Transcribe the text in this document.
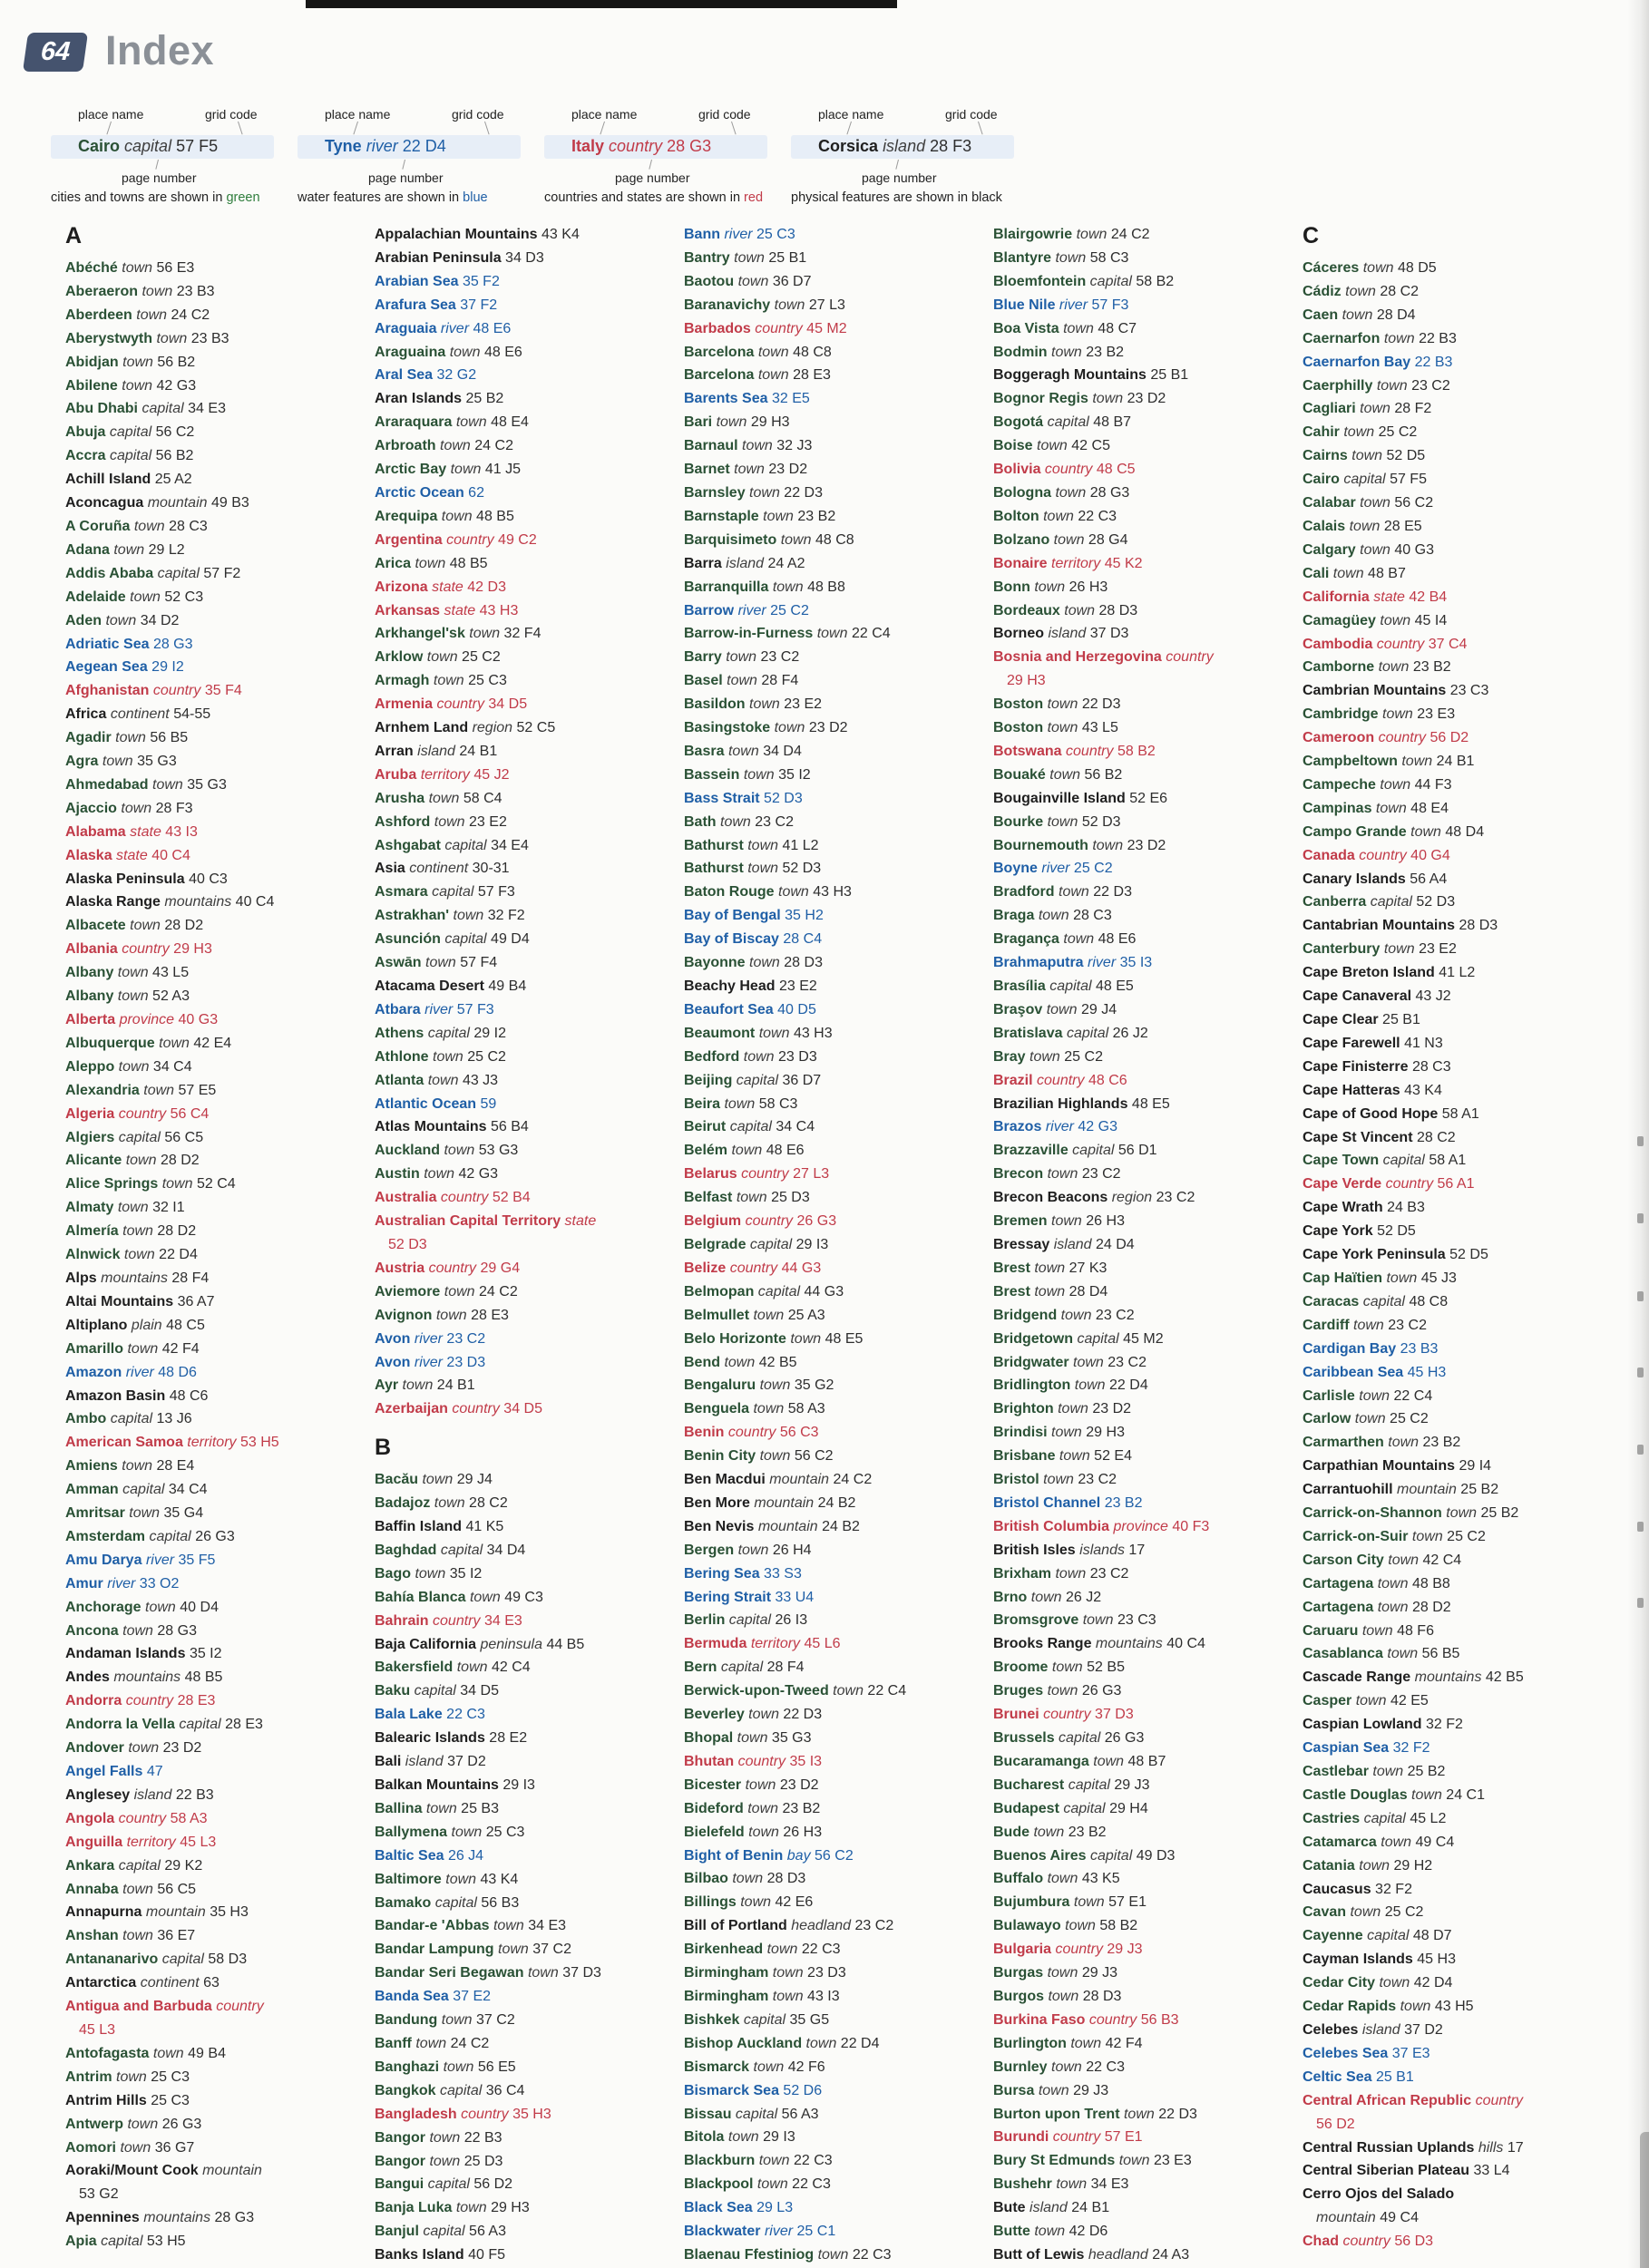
64 Index
place name	grid code
Cairo capital 57 F5
page number
cities and towns are shown in green
place name	grid code
Tyne river 22 D4
page number
water features are shown in blue
place name	grid code
Italy country 28 G3
page number
countries and states are shown in red
place name	grid code
Corsica island 28 F3
page number
physical features are shown in black
A
Abéché town 56 E3
Aberaeron town 23 B3
Aberdeen town 24 C2
Aberystwyth town 23 B3
Abidjan town 56 B2
Abilene town 42 G3
Abu Dhabi capital 34 E3
Abuja capital 56 C2
Accra capital 56 B2
Achill Island 25 A2
Aconcagua mountain 49 B3
A Coruña town 28 C3
Adana town 29 L2
Addis Ababa capital 57 F2
Adelaide town 52 C3
Aden town 34 D2
Adriatic Sea 28 G3
Aegean Sea 29 I2
Afghanistan country 35 F4
Africa continent 54-55
Agadir town 56 B5
Agra town 35 G3
Ahmedabad town 35 G3
Ajaccio town 28 F3
Alabama state 43 I3
Alaska state 40 C4
Alaska Peninsula 40 C3
Alaska Range mountains 40 C4
Albacete town 28 D2
Albania country 29 H3
Albany town 43 L5
Albany town 52 A3
Alberta province 40 G3
Albuquerque town 42 E4
Aleppo town 34 C4
Alexandria town 57 E5
Algeria country 56 C4
Algiers capital 56 C5
Alicante town 28 D2
Alice Springs town 52 C4
Almaty town 32 I1
Almería town 28 D2
Alnwick town 22 D4
Alps mountains 28 F4
Altai Mountains 36 A7
Altiplano plain 48 C5
Amarillo town 42 F4
Amazon river 48 D6
Amazon Basin 48 C6
Ambo capital 13 J6
American Samoa territory 53 H5
Amiens town 28 E4
Amman capital 34 C4
Amritsar town 35 G4
Amsterdam capital 26 G3
Amu Darya river 35 F5
Amur river 33 O2
Anchorage town 40 D4
Ancona town 28 G3
Andaman Islands 35 I2
Andes mountains 48 B5
Andorra country 28 E3
Andorra la Vella capital 28 E3
Andover town 23 D2
Angel Falls 47
Anglesey island 22 B3
Angola country 58 A3
Anguilla territory 45 L3
Ankara capital 29 K2
Annaba town 56 C5
Annapurna mountain 35 H3
Anshan town 36 E7
Antananarivo capital 58 D3
Antarctica continent 63
Antigua and Barbuda country
45 L3
Antofagasta town 49 B4
Antrim town 25 C3
Antrim Hills 25 C3
Antwerp town 26 G3
Aomori town 36 G7
Aoraki/Mount Cook mountain
53 G2
Apennines mountains 28 G3
Apia capital 53 H5
Appalachian Mountains 43 K4
Arabian Peninsula 34 D3
Arabian Sea 35 F2
Arafura Sea 37 F2
Araguaia river 48 E6
Araguaina town 48 E6
Aral Sea 32 G2
Aran Islands 25 B2
Araraquara town 48 E4
Arbroath town 24 C2
Arctic Bay town 41 J5
Arctic Ocean 62
Arequipa town 48 B5
Argentina country 49 C2
Arica town 48 B5
Arizona state 42 D3
Arkansas state 43 H3
Arkhangel'sk town 32 F4
Arklow town 25 C2
Armagh town 25 C3
Armenia country 34 D5
Arnhem Land region 52 C5
Arran island 24 B1
Aruba territory 45 J2
Arusha town 58 C4
Ashford town 23 E2
Ashgabat capital 34 E4
Asia continent 30-31
Asmara capital 57 F3
Astrakhan' town 32 F2
Asunción capital 49 D4
Aswān town 57 F4
Atacama Desert 49 B4
Atbara river 57 F3
Athens capital 29 I2
Athlone town 25 C2
Atlanta town 43 J3
Atlantic Ocean 59
Atlas Mountains 56 B4
Auckland town 53 G3
Austin town 42 G3
Australia country 52 B4
Australian Capital Territory state
52 D3
Austria country 29 G4
Aviemore town 24 C2
Avignon town 28 E3
Avon river 23 C2
Avon river 23 D3
Ayr town 24 B1
Azerbaijan country 34 D5
B
Bacău town 29 J4
Badajoz town 28 C2
Baffin Island 41 K5
Baghdad capital 34 D4
Bago town 35 I2
Bahía Blanca town 49 C3
Bahrain country 34 E3
Baja California peninsula 44 B5
Bakersfield town 42 C4
Baku capital 34 D5
Bala Lake 22 C3
Balearic Islands 28 E2
Bali island 37 D2
Balkan Mountains 29 I3
Ballina town 25 B3
Ballymena town 25 C3
Baltic Sea 26 J4
Baltimore town 43 K4
Bamako capital 56 B3
Bandar-e 'Abbas town 34 E3
Bandar Lampung town 37 C2
Bandar Seri Begawan town 37 D3
Banda Sea 37 E2
Bandung town 37 C2
Banff town 24 C2
Banghazi town 56 E5
Bangkok capital 36 C4
Bangladesh country 35 H3
Bangor town 22 B3
Bangor town 25 D3
Bangui capital 56 D2
Banja Luka town 29 H3
Banjul capital 56 A3
Banks Island 40 F5
Bann river 25 C3
Bantry town 25 B1
Baotou town 36 D7
Baranavichy town 27 L3
Barbados country 45 M2
Barcelona town 48 C8
Barcelona town 28 E3
Barents Sea 32 E5
Bari town 29 H3
Barnaul town 32 J3
Barnet town 23 D2
Barnsley town 22 D3
Barnstaple town 23 B2
Barquisimeto town 48 C8
Barra island 24 A2
Barranquilla town 48 B8
Barrow river 25 C2
Barrow-in-Furness town 22 C4
Barry town 23 C2
Basel town 28 F4
Basildon town 23 E2
Basingstoke town 23 D2
Basra town 34 D4
Bassein town 35 I2
Bass Strait 52 D3
Bath town 23 C2
Bathurst town 41 L2
Bathurst town 52 D3
Baton Rouge town 43 H3
Bay of Bengal 35 H2
Bay of Biscay 28 C4
Bayonne town 28 D3
Beachy Head 23 E2
Beaufort Sea 40 D5
Beaumont town 43 H3
Bedford town 23 D3
Beijing capital 36 D7
Beira town 58 C3
Beirut capital 34 C4
Belém town 48 E6
Belarus country 27 L3
Belfast town 25 D3
Belgium country 26 G3
Belgrade capital 29 I3
Belize country 44 G3
Belmopan capital 44 G3
Belmullet town 25 A3
Belo Horizonte town 48 E5
Bend town 42 B5
Bengaluru town 35 G2
Benguela town 58 A3
Benin country 56 C3
Benin City town 56 C2
Ben Macdui mountain 24 C2
Ben More mountain 24 B2
Ben Nevis mountain 24 B2
Bergen town 26 H4
Bering Sea 33 S3
Bering Strait 33 U4
Berlin capital 26 I3
Bermuda territory 45 L6
Bern capital 28 F4
Berwick-upon-Tweed town 22 C4
Beverley town 22 D3
Bhopal town 35 G3
Bhutan country 35 I3
Bicester town 23 D2
Bideford town 23 B2
Bielefeld town 26 H3
Bight of Benin bay 56 C2
Bilbao town 28 D3
Billings town 42 E6
Bill of Portland headland 23 C2
Birkenhead town 22 C3
Birmingham town 23 D3
Birmingham town 43 I3
Bishkek capital 35 G5
Bishop Auckland town 22 D4
Bismarck town 42 F6
Bismarck Sea 52 D6
Bissau capital 56 A3
Bitola town 29 I3
Blackburn town 22 C3
Blackpool town 22 C3
Black Sea 29 L3
Blackwater river 25 C1
Blaenau Ffestiniog town 22 C3
Blairgowrie town 24 C2
Blantyre town 58 C3
Bloemfontein capital 58 B2
Blue Nile river 57 F3
Boa Vista town 48 C7
Bodmin town 23 B2
Boggeragh Mountains 25 B1
Bognor Regis town 23 D2
Bogotá capital 48 B7
Boise town 42 C5
Bolivia country 48 C5
Bologna town 28 G3
Bolton town 22 C3
Bolzano town 28 G4
Bonaire territory 45 K2
Bonn town 26 H3
Bordeaux town 28 D3
Borneo island 37 D3
Bosnia and Herzegovina country
29 H3
Boston town 22 D3
Boston town 43 L5
Botswana country 58 B2
Bouaké town 56 B2
Bougainville Island 52 E6
Bourke town 52 D3
Bournemouth town 23 D2
Boyne river 25 C2
Bradford town 22 D3
Braga town 28 C3
Bragança town 48 E6
Brahmaputra river 35 I3
Brasília capital 48 E5
Braşov town 29 J4
Bratislava capital 26 J2
Bray town 25 C2
Brazil country 48 C6
Brazilian Highlands 48 E5
Brazos river 42 G3
Brazzaville capital 56 D1
Brecon town 23 C2
Brecon Beacons region 23 C2
Bremen town 26 H3
Bressay island 24 D4
Brest town 27 K3
Brest town 28 D4
Bridgend town 23 C2
Bridgetown capital 45 M2
Bridgwater town 23 C2
Bridlington town 22 D4
Brighton town 23 D2
Brindisi town 29 H3
Brisbane town 52 E4
Bristol town 23 C2
Bristol Channel 23 B2
British Columbia province 40 F3
British Isles islands 17
Brixham town 23 C2
Brno town 26 J2
Bromsgrove town 23 C3
Brooks Range mountains 40 C4
Broome town 52 B5
Bruges town 26 G3
Brunei country 37 D3
Brussels capital 26 G3
Bucaramanga town 48 B7
Bucharest capital 29 J3
Budapest capital 29 H4
Bude town 23 B2
Buenos Aires capital 49 D3
Buffalo town 43 K5
Bujumbura town 57 E1
Bulawayo town 58 B2
Bulgaria country 29 J3
Burgas town 29 J3
Burgos town 28 D3
Burkina Faso country 56 B3
Burlington town 42 F4
Burnley town 22 C3
Bursa town 29 J3
Burton upon Trent town 22 D3
Burundi country 57 E1
Bury St Edmunds town 23 E3
Bushehr town 34 E3
Bute island 24 B1
Butte town 42 D6
Butt of Lewis headland 24 A3
C
Cáceres town 48 D5
Cádiz town 28 C2
Caen town 28 D4
Caernarfon town 22 B3
Caernarfon Bay 22 B3
Caerphilly town 23 C2
Cagliari town 28 F2
Cahir town 25 C2
Cairns town 52 D5
Cairo capital 57 F5
Calabar town 56 C2
Calais town 28 E5
Calgary town 40 G3
Cali town 48 B7
California state 42 B4
Camagüey town 45 I4
Cambodia country 37 C4
Camborne town 23 B2
Cambrian Mountains 23 C3
Cambridge town 23 E3
Cameroon country 56 D2
Campbeltown town 24 B1
Campeche town 44 F3
Campinas town 48 E4
Campo Grande town 48 D4
Canada country 40 G4
Canary Islands 56 A4
Canberra capital 52 D3
Cantabrian Mountains 28 D3
Canterbury town 23 E2
Cape Breton Island 41 L2
Cape Canaveral 43 J2
Cape Clear 25 B1
Cape Farewell 41 N3
Cape Finisterre 28 C3
Cape Hatteras 43 K4
Cape of Good Hope 58 A1
Cape St Vincent 28 C2
Cape Town capital 58 A1
Cape Verde country 56 A1
Cape Wrath 24 B3
Cape York 52 D5
Cape York Peninsula 52 D5
Cap Haïtien town 45 J3
Caracas capital 48 C8
Cardiff town 23 C2
Cardigan Bay 23 B3
Caribbean Sea 45 H3
Carlisle town 22 C4
Carlow town 25 C2
Carmarthen town 23 B2
Carpathian Mountains 29 I4
Carrantuohill mountain 25 B2
Carrick-on-Shannon town 25 B2
Carrick-on-Suir town 25 C2
Carson City town 42 C4
Cartagena town 48 B8
Cartagena town 28 D2
Caruaru town 48 F6
Casablanca town 56 B5
Cascade Range mountains 42 B5
Casper town 42 E5
Caspian Lowland 32 F2
Caspian Sea 32 F2
Castlebar town 25 B2
Castle Douglas town 24 C1
Castries capital 45 L2
Catamarca town 49 C4
Catania town 29 H2
Caucasus 32 F2
Cavan town 25 C2
Cayenne capital 48 D7
Cayman Islands 45 H3
Cedar City town 42 D4
Cedar Rapids town 43 H5
Celebes island 37 D2
Celebes Sea 37 E3
Celtic Sea 25 B1
Central African Republic country
56 D2
Central Russian Uplands hills 17
Central Siberian Plateau 33 L4
Cerro Ojos del Salado
mountain 49 C4
Chad country 56 D3
